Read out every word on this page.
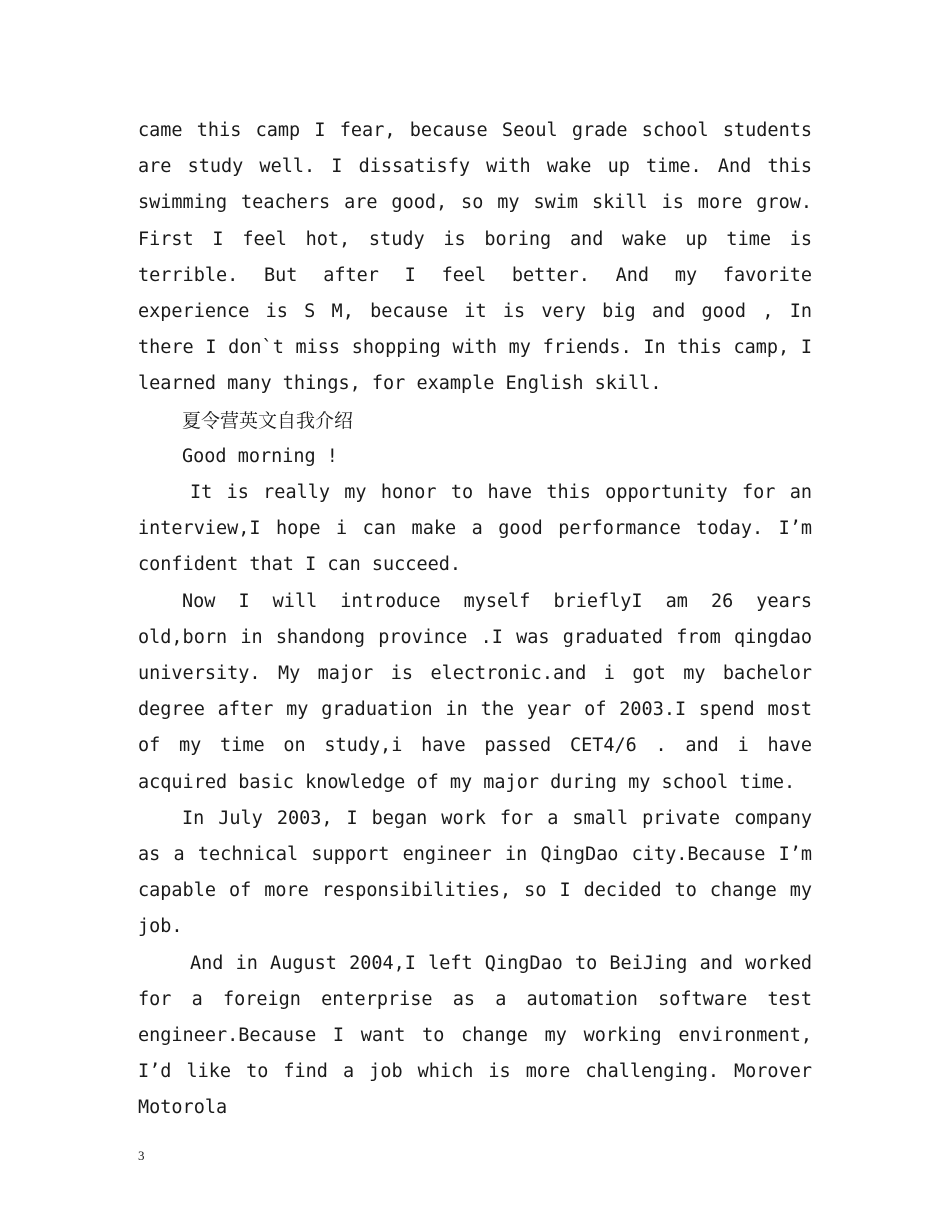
came this camp I fear, because Seoul grade school students are study well. I dissatisfy with wake up time. And this swimming teachers are good, so my swim skill is more grow. First I feel hot, study is boring and wake up time is terrible. But after I feel better. And my favorite experience is S M, because it is very big and good , In there I don`t miss shopping with my friends. In this camp, I learned many things, for example English skill.

夏令营英文自我介绍

Good morning !

It is really my honor to have this opportunity for an interview,I hope i can make a good performance today. I’m confident that I can succeed.

Now I will introduce myself brieflyI am 26 years old,born in shandong province .I was graduated from qingdao university. My major is electronic.and i got my bachelor degree after my graduation in the year of 2003.I spend most of my time on study,i have passed CET4/6 . and i have acquired basic knowledge of my major during my school time.

In July 2003, I began work for a small private company as a technical support engineer in QingDao city.Because I’m capable of more responsibilities, so I decided to change my job.

And in August 2004,I left QingDao to BeiJing and worked for a foreign enterprise as a automation software test engineer.Because I want to change my working environment, I’d like to find a job which is more challenging. Morover Motorola

3
